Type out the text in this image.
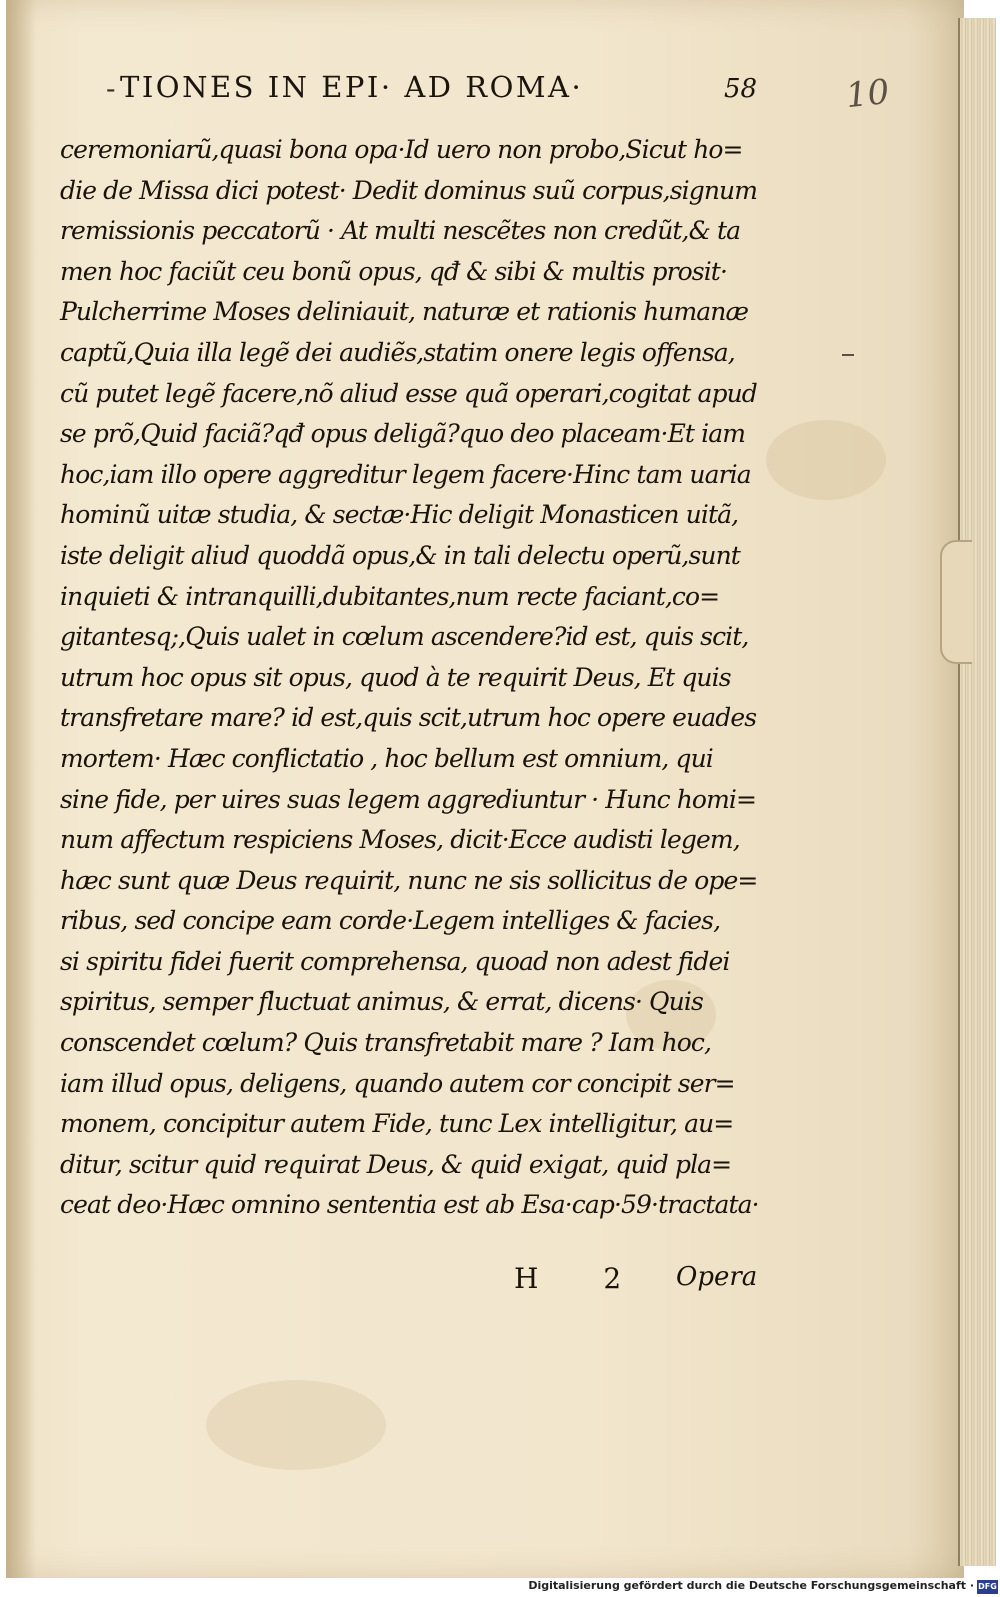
- TIONES IN EPI· AD ROMA·	58	10
ceremoniarũ,quasi bona opa·Id uero non probo,Sicut ho=
die de Missa dici potest· Dedit dominus suũ corpus,signum
remissionis peccatorũ · At multi nescẽtes non credũt,& ta
men hoc faciũt ceu bonũ opus, qđ & sibi & multis prosit·
Pulcherrime Moses deliniauit, naturæ et rationis humanæ
captũ,Quia illa legẽ dei audiẽs,statim onere legis offensa,
cũ putet legẽ facere,nõ aliud esse quã operari,cogitat apud
se prõ,Quid faciã?qđ opus deligã?quo deo placeam·Et iam
hoc,iam illo opere aggreditur legem facere·Hinc tam uaria
hominũ uitæ studia, & sectæ·Hic deligit Monasticen uitã,
iste deligit aliud quoddã opus,& in tali delectu operũ,sunt
inquieti & intranquilli,dubitantes,num recte faciant,co=
gitantesq;,Quis ualet in cœlum ascendere?id est, quis scit,
utrum hoc opus sit opus, quod à te requirit Deus, Et quis
transfretare mare? id est,quis scit,utrum hoc opere euades
mortem· Hæc conflictatio , hoc bellum est omnium, qui
sine fide, per uires suas legem aggrediuntur · Hunc homi=
num affectum respiciens Moses, dicit·Ecce audisti legem,
hæc sunt quæ Deus requirit, nunc ne sis sollicitus de ope=
ribus, sed concipe eam corde·Legem intelliges & facies,
si spiritu fidei fuerit comprehensa, quoad non adest fidei
spiritus, semper fluctuat animus, & errat, dicens· Quis
conscendet cœlum? Quis transfretabit mare ? Iam hoc,
iam illud opus, deligens, quando autem cor concipit ser=
monem, concipitur autem Fide, tunc Lex intelligitur, au=
ditur, scitur quid requirat Deus, & quid exigat, quid pla=
ceat deo·Hæc omnino sententia est ab Esa·cap·59·tractata·
H 2 Opera
Digitalisierung gefördert durch die Deutsche Forschungsgemeinschaft · DFG
